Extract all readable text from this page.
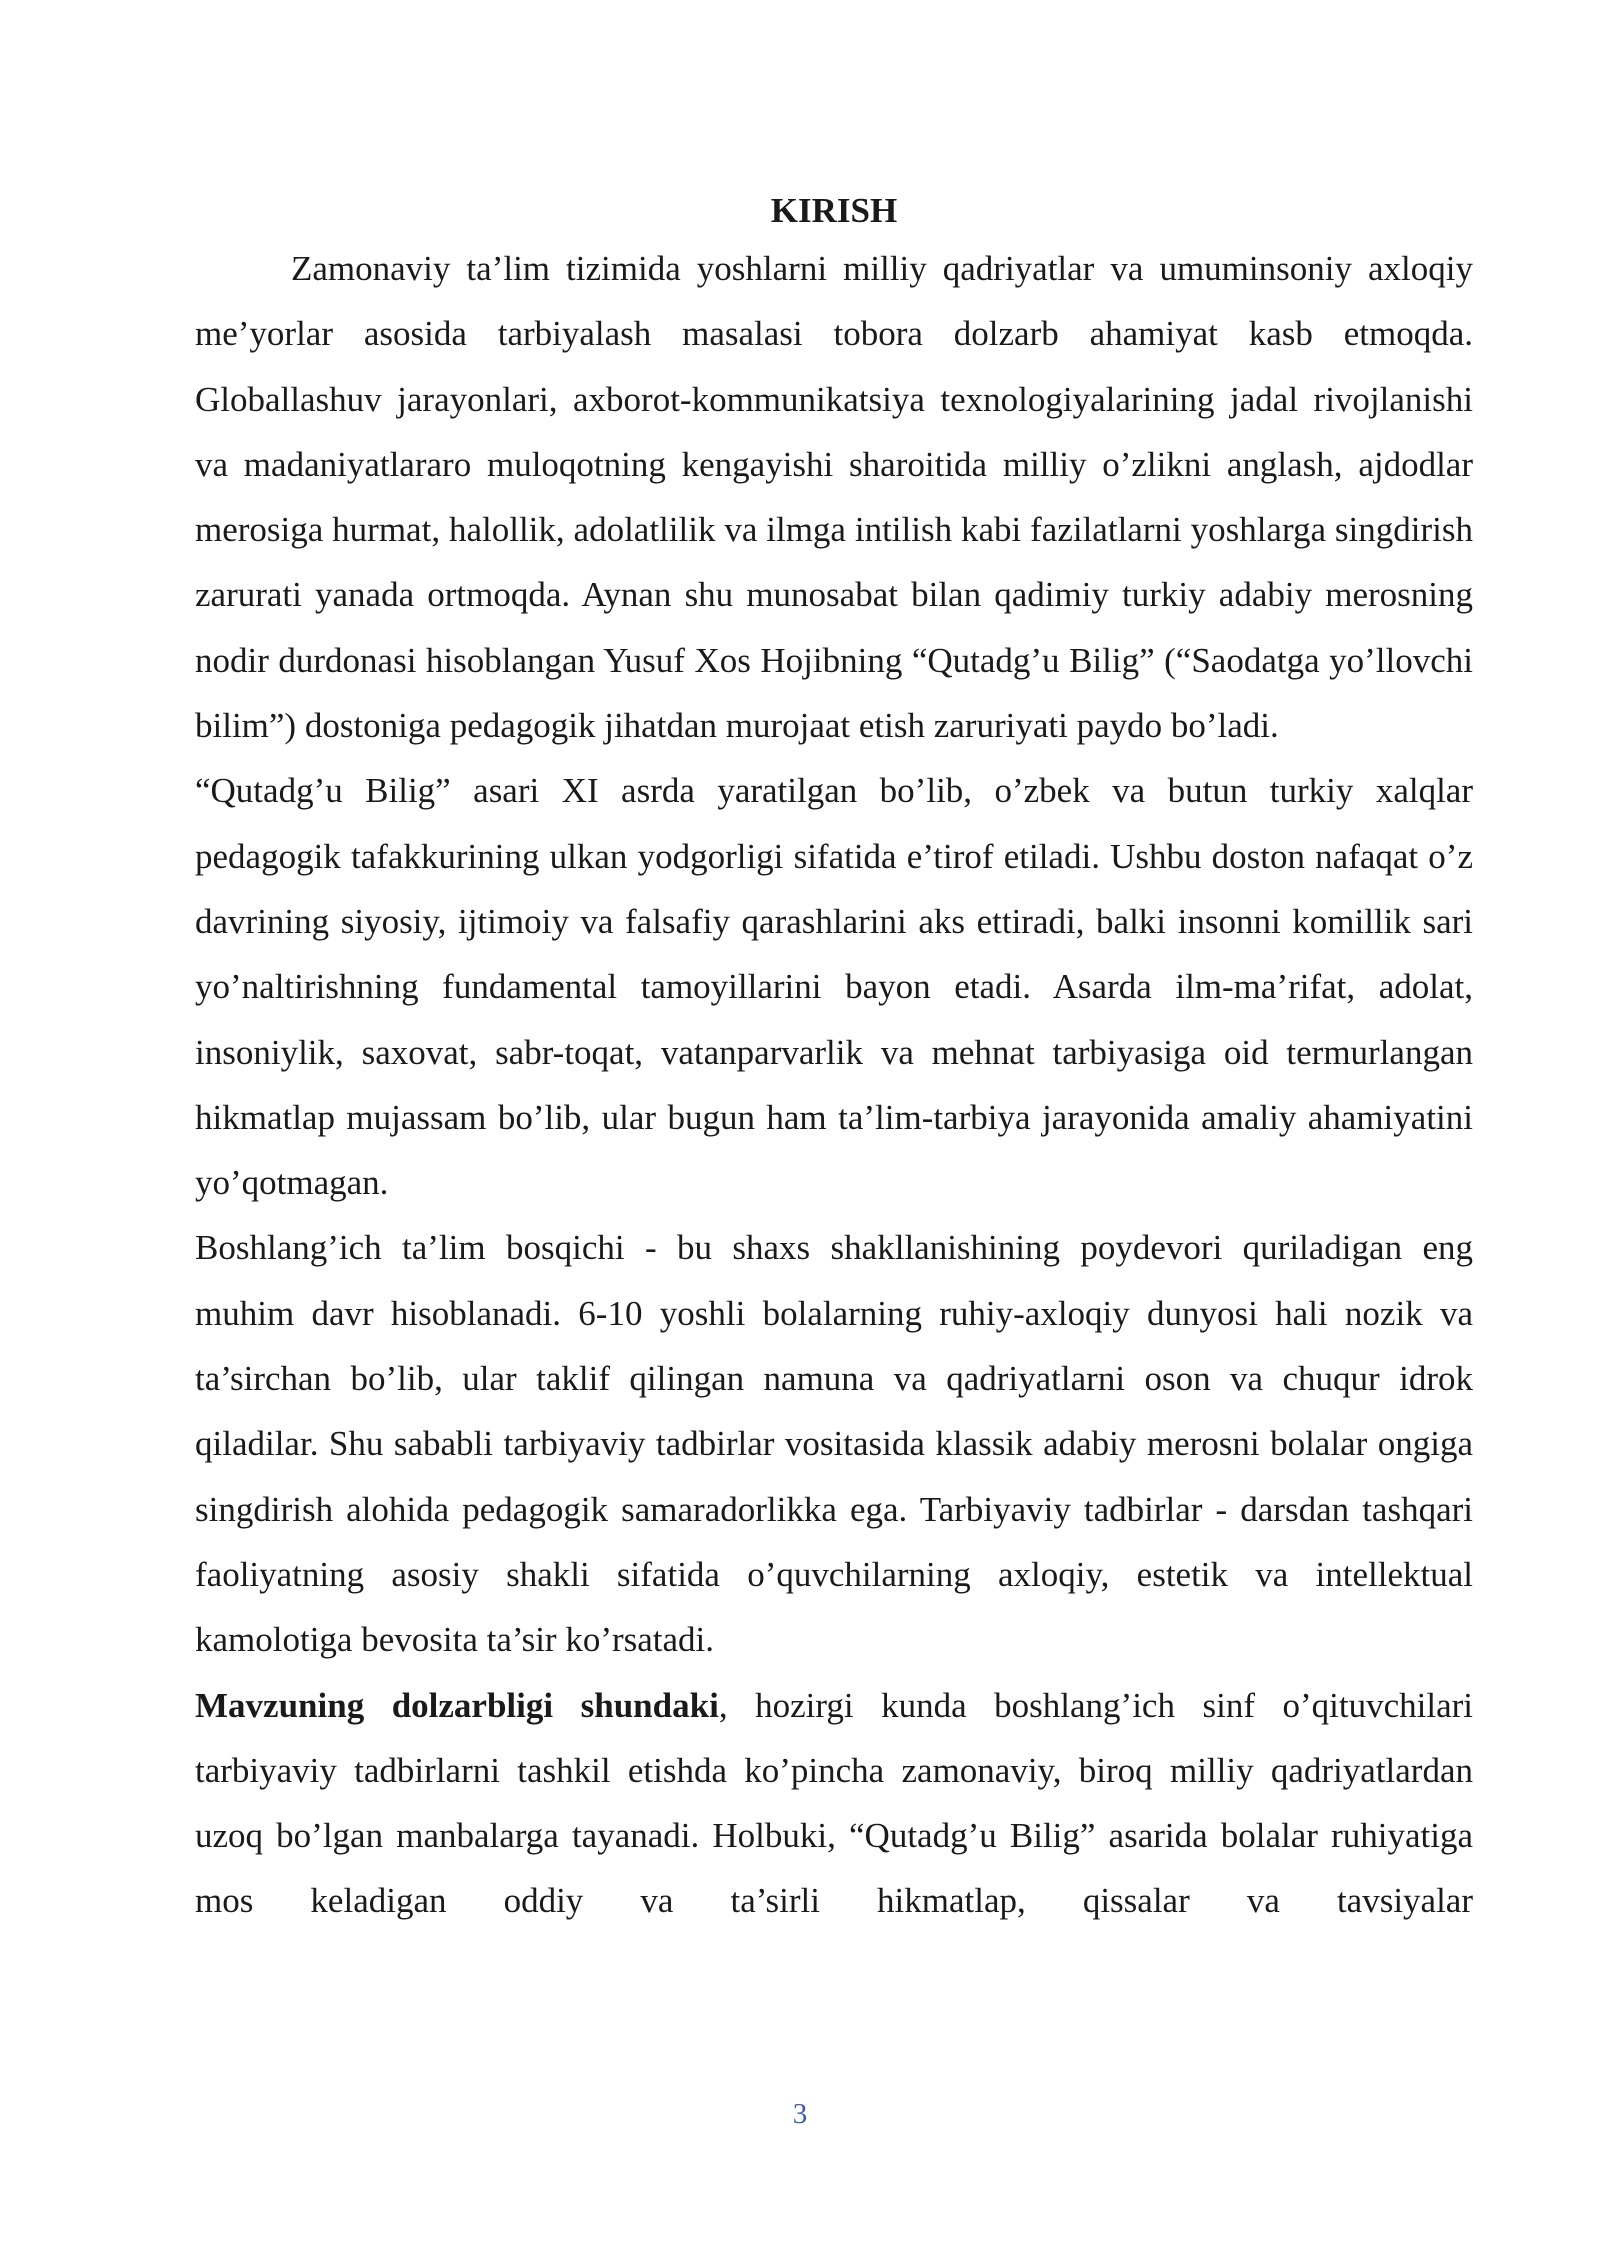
KIRISH

Zamonaviy ta’lim tizimida yoshlarni milliy qadriyatlar va umuminsoniy axloqiy me’yorlar asosida tarbiyalash masalasi tobora dolzarb ahamiyat kasb etmoqda. Globallashuv jarayonlari, axborot-kommunikatsiya texnologiyalarining jadal rivojlanishi va madaniyatlararo muloqotning kengayishi sharoitida milliy o’zlikni anglash, ajdodlar merosiga hurmat, halollik, adolatlilik va ilmga intilish kabi fazilatlarni yoshlarga singdirish zarurati yanada ortmoqda. Aynan shu munosabat bilan qadimiy turkiy adabiy merosning nodir durdonasi hisoblangan Yusuf Xos Hojibning “Qutadg’u Bilig” (“Saodatga yo’llovchi bilim”) dostoniga pedagogik jihatdan murojaat etish zaruriyati paydo bo’ladi.

“Qutadg’u Bilig” asari XI asrda yaratilgan bo’lib, o’zbek va butun turkiy xalqlar pedagogik tafakkurining ulkan yodgorligi sifatida e’tirof etiladi. Ushbu doston nafaqat o’z davrining siyosiy, ijtimoiy va falsafiy qarashlarini aks ettiradi, balki insonni komillik sari yo’naltirishning fundamental tamoyillarini bayon etadi. Asarda ilm-ma’rifat, adolat, insoniylik, saxovat, sabr-toqat, vatanparvarlik va mehnat tarbiyasiga oid termurlangan hikmatlap mujassam bo’lib, ular bugun ham ta’lim-tarbiya jarayonida amaliy ahamiyatini yo’qotmagan.

Boshlang’ich ta’lim bosqichi - bu shaxs shakllanishining poydevori quriladigan eng muhim davr hisoblanadi. 6-10 yoshli bolalarning ruhiy-axloqiy dunyosi hali nozik va ta’sirchan bo’lib, ular taklif qilingan namuna va qadriyatlarni oson va chuqur idrok qiladilar. Shu sababli tarbiyaviy tadbirlar vositasida klassik adabiy merosni bolalar ongiga singdirish alohida pedagogik samaradorlikka ega. Tarbiyaviy tadbirlar - darsdan tashqari faoliyatning asosiy shakli sifatida o’quvchilarning axloqiy, estetik va intellektual kamolotiga bevosita ta’sir ko’rsatadi.

Mavzuning dolzarbligi shundaki, hozirgi kunda boshlang’ich sinf o’qituvchilari tarbiyaviy tadbirlarni tashkil etishda ko’pincha zamonaviy, biroq milliy qadriyatlardan uzoq bo’lgan manbalarga tayanadi. Holbuki, “Qutadg’u Bilig” asarida bolalar ruhiyatiga mos keladigan oddiy va ta’sirli hikmatlap, qissalar va tavsiyalar

3
